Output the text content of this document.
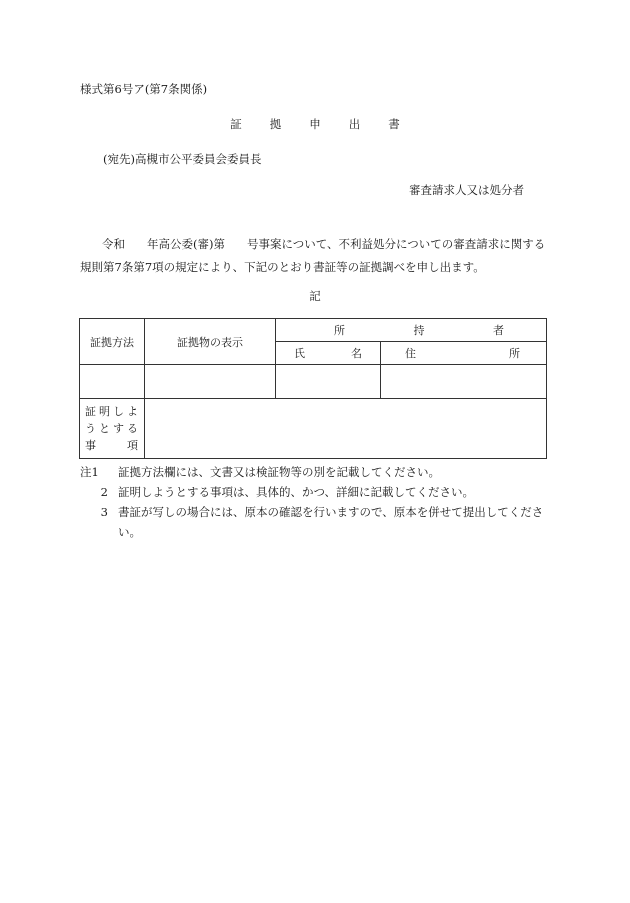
様式第6号ア(第7条関係)
証 拠 申 出 書
(宛先)高槻市公平委員会委員長
審査請求人又は処分者
令和 年高公委(審)第 号事案について、不利益処分についての審査請求に関する規則第7条第7項の規定により、下記のとおり書証等の証拠調べを申し出ます。
記
証拠方法	証拠物の表示	所 持 者	

		氏 名	住 所

証明しようとする事項			
注1	証拠方法欄には、文書又は検証物等の別を記載してください。
2 証明しようとする事項は、具体的、かつ、詳細に記載してください。
3 書証が写しの場合には、原本の確認を行いますので、原本を併せて提出してください。
